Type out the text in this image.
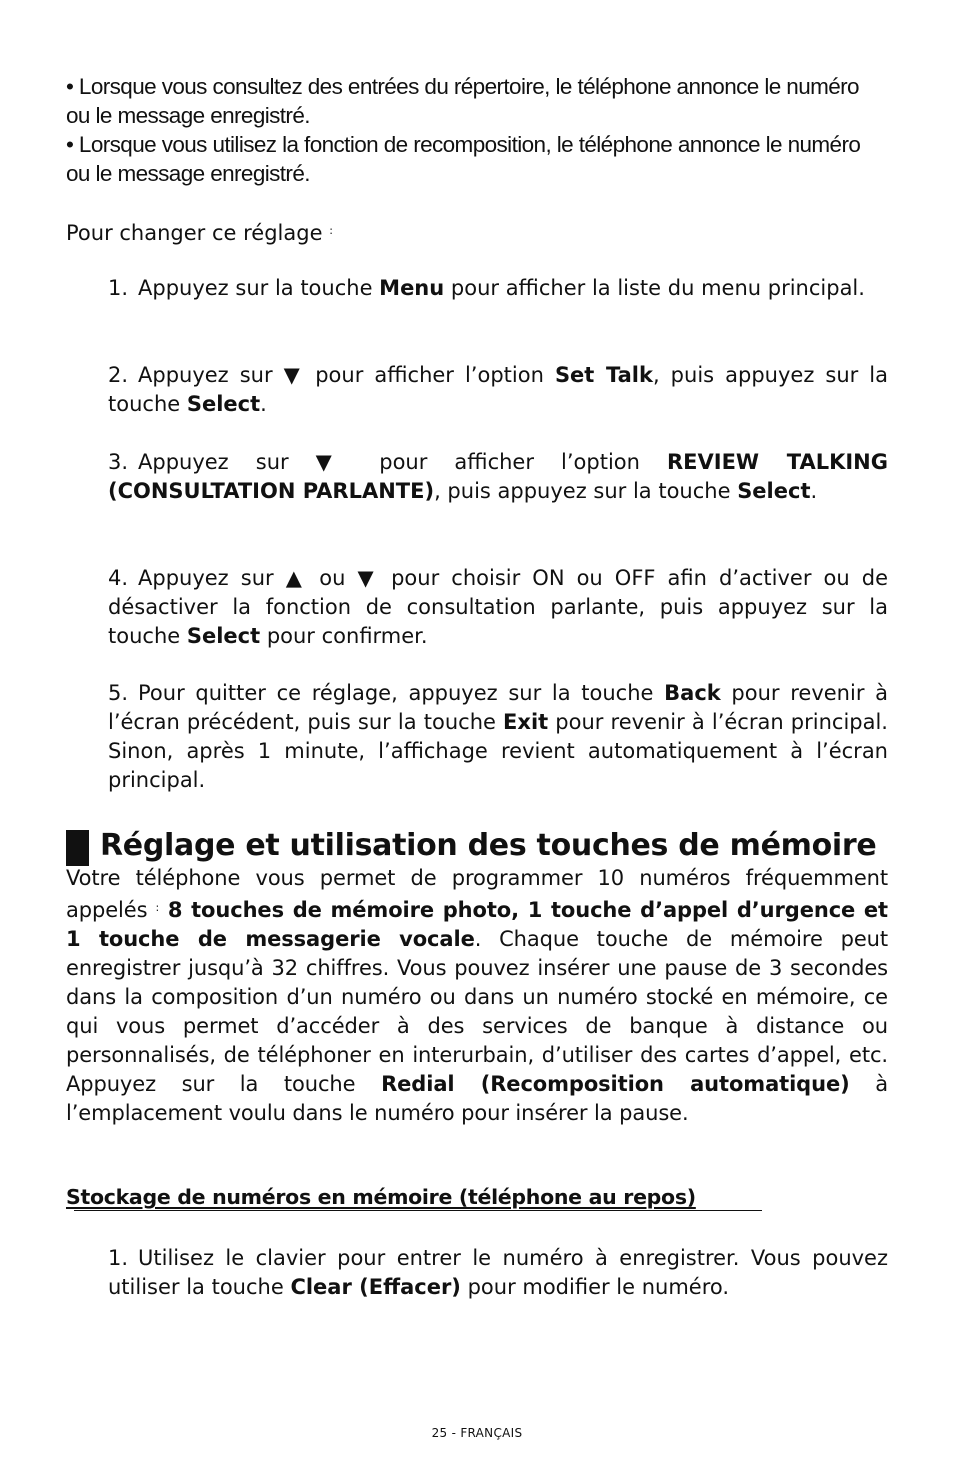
• Lorsque vous consultez des entrées du répertoire, le téléphone annonce le numéro ou le message enregistré.
• Lorsque vous utilisez la fonction de recomposition, le téléphone annonce le numéro ou le message enregistré.

Pour changer ce réglage :

1. Appuyez sur la touche Menu pour afficher la liste du menu principal.

2. Appuyez sur ▼ pour afficher l’option Set Talk, puis appuyez sur la touche Select.

3. Appuyez sur ▼ pour afficher l’option REVIEW TALKING (CONSULTATION PARLANTE), puis appuyez sur la touche Select.

4. Appuyez sur ▲ ou ▼ pour choisir ON ou OFF afin d’activer ou de désactiver la fonction de consultation parlante, puis appuyez sur la touche Select pour confirmer.

5. Pour quitter ce réglage, appuyez sur la touche Back pour revenir à l’écran précédent, puis sur la touche Exit pour revenir à l’écran principal. Sinon, après 1 minute, l’affichage revient automatiquement à l’écran principal.

Réglage et utilisation des touches de mémoire

Votre téléphone vous permet de programmer 10 numéros fréquemment appelés : 8 touches de mémoire photo, 1 touche d’appel d’urgence et 1 touche de messagerie vocale. Chaque touche de mémoire peut enregistrer jusqu’à 32 chiffres. Vous pouvez insérer une pause de 3 secondes dans la composition d’un numéro ou dans un numéro stocké en mémoire, ce qui vous permet d’accéder à des services de banque à distance ou personnalisés, de téléphoner en interurbain, d’utiliser des cartes d’appel, etc. Appuyez sur la touche Redial (Recomposition automatique) à l’emplacement voulu dans le numéro pour insérer la pause.

Stockage de numéros en mémoire (téléphone au repos)

1. Utilisez le clavier pour entrer le numéro à enregistrer. Vous pouvez utiliser la touche Clear (Effacer) pour modifier le numéro.

25 - FRANÇAIS
